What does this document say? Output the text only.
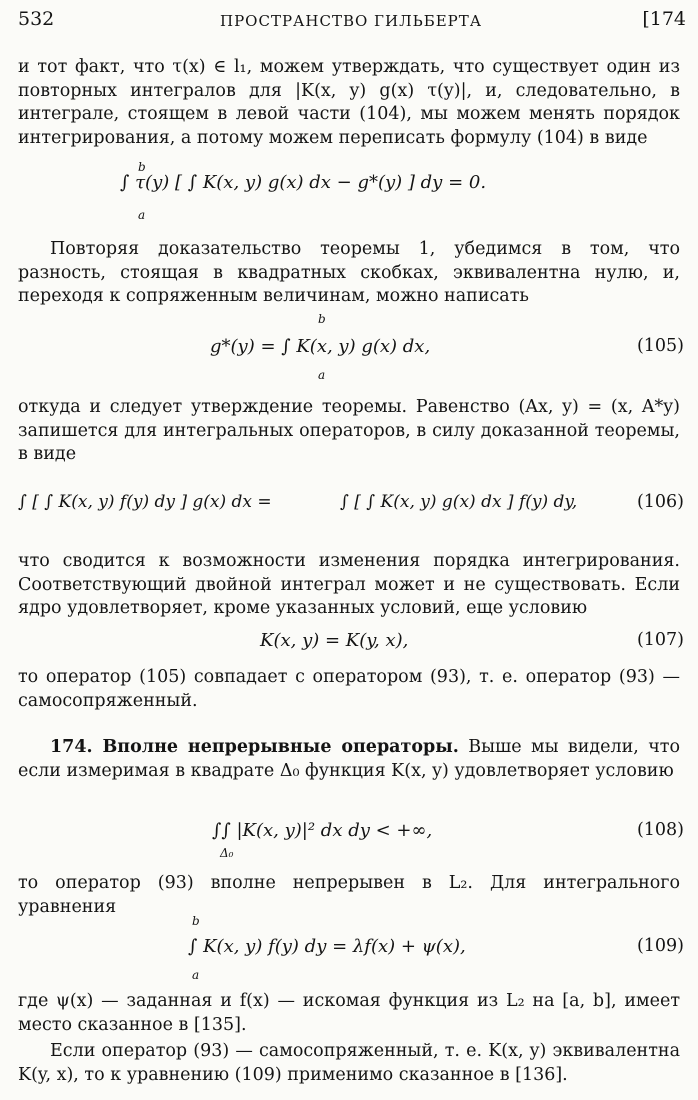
532	ПРОСТРАНСТВО ГИЛЬБЕРТА	[174
и тот факт, что τ(x) ∈ l₁, можем утверждать, что существует один из повторных интегралов для |K(x, y) g(x) τ(y)|, и, следовательно, в интеграле, стоящем в левой части (104), мы можем менять порядок интегрирования, а потому можем переписать формулу (104) в виде
∫ τ(y) [ ∫ K(x, y) g(x) dx − g*(y) ] dy = 0.
b
a
Повторяя доказательство теоремы 1, убедимся в том, что разность, стоящая в квадратных скобках, эквивалентна нулю, и, переходя к сопряженным величинам, можно написать
g*(y) = ∫ K(x, y) g(x) dx,
b
a
(105)
откуда и следует утверждение теоремы. Равенство (Ax, y) = (x, A*y) запишется для интегральных операторов, в силу доказанной теоремы, в виде
∫ [ ∫ K(x, y) f(y) dy ] g(x) dx =	∫ [ ∫ K(x, y) g(x) dx ] f(y) dy,	(106)
что сводится к возможности изменения порядка интегрирования. Соответствующий двойной интеграл может и не существовать. Если ядро удовлетворяет, кроме указанных условий, еще условию
K(x, y) = K(y, x),	(107)
то оператор (105) совпадает с оператором (93), т. е. оператор (93) — самосопряженный.
174. Вполне непрерывные операторы. Выше мы видели, что если измеримая в квадрате Δ₀ функция K(x, y) удовлетворяет условию
∫∫ |K(x, y)|² dx dy < +∞,
Δ₀
(108)
то оператор (93) вполне непрерывен в L₂. Для интегрального уравнения
∫ K(x, y) f(y) dy = λf(x) + ψ(x),
b
a
(109)
где ψ(x) — заданная и f(x) — искомая функция из L₂ на [a, b], имеет место сказанное в [135].
Если оператор (93) — самосопряженный, т. е. K(x, y) эквивалентна K(y, x), то к уравнению (109) применимо сказанное в [136].
